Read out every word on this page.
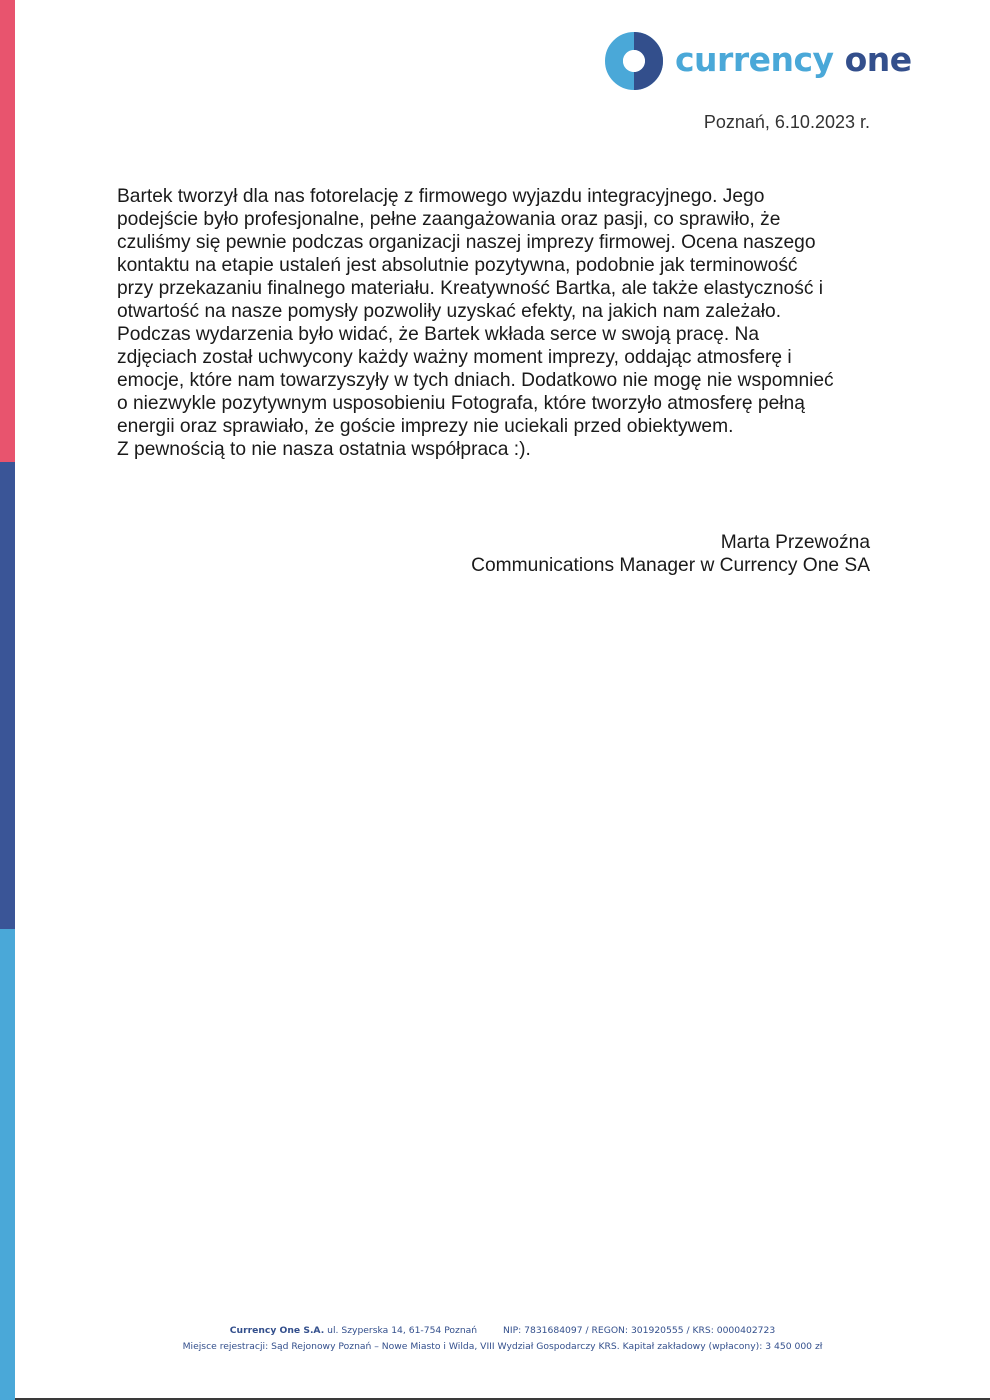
currency one
Poznań, 6.10.2023 r.
Bartek tworzył dla nas fotorelację z firmowego wyjazdu integracyjnego. Jego
podejście było profesjonalne, pełne zaangażowania oraz pasji, co sprawiło, że
czuliśmy się pewnie podczas organizacji naszej imprezy firmowej. Ocena naszego
kontaktu na etapie ustaleń jest absolutnie pozytywna, podobnie jak terminowość
przy przekazaniu finalnego materiału. Kreatywność Bartka, ale także elastyczność i
otwartość na nasze pomysły pozwoliły uzyskać efekty, na jakich nam zależało.
Podczas wydarzenia było widać, że Bartek wkłada serce w swoją pracę. Na
zdjęciach został uchwycony każdy ważny moment imprezy, oddając atmosferę i
emocje, które nam towarzyszyły w tych dniach. Dodatkowo nie mogę nie wspomnieć
o niezwykle pozytywnym usposobieniu Fotografa, które tworzyło atmosferę pełną
energii oraz sprawiało, że goście imprezy nie uciekali przed obiektywem.
Z pewnością to nie nasza ostatnia współpraca :).
Marta Przewoźna
Communications Manager w Currency One SA
Currency One S.A. ul. Szyperska 14, 61-754 Poznań	NIP: 7831684097 / REGON: 301920555 / KRS: 0000402723
Miejsce rejestracji: Sąd Rejonowy Poznań – Nowe Miasto i Wilda, VIII Wydział Gospodarczy KRS. Kapitał zakładowy (wpłacony): 3 450 000 zł
